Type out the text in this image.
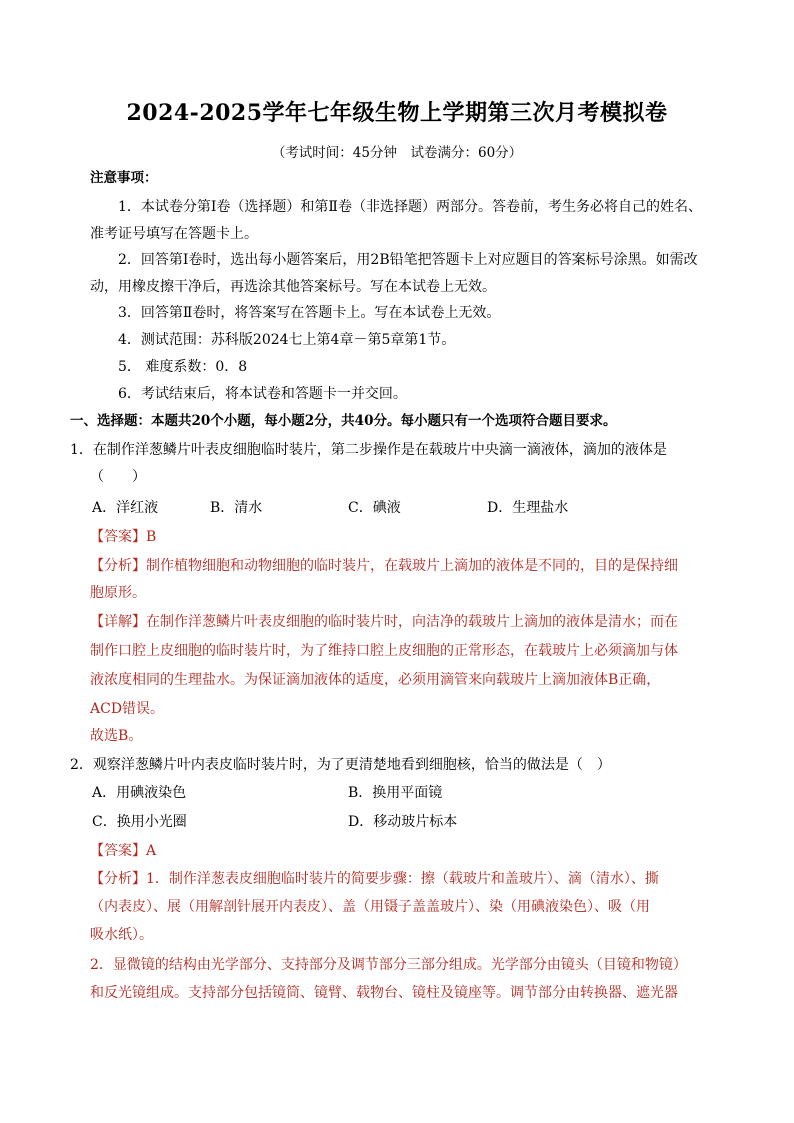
2024-2025学年七年级生物上学期第三次月考模拟卷
（考试时间：45分钟　试卷满分：60分）
注意事项：
1．本试卷分第Ⅰ卷（选择题）和第Ⅱ卷（非选择题）两部分。答卷前，考生务必将自己的姓名、
准考证号填写在答题卡上。
2．回答第Ⅰ卷时，选出每小题答案后，用2B铅笔把答题卡上对应题目的答案标号涂黑。如需改
动，用橡皮擦干净后，再选涂其他答案标号。写在本试卷上无效。
3．回答第Ⅱ卷时，将答案写在答题卡上。写在本试卷上无效。
4．测试范围：苏科版2024七上第4章－第5章第1节。
5． 难度系数：0．8
6．考试结束后，将本试卷和答题卡一并交回。
一、选择题：本题共20个小题，每小题2分，共40分。每小题只有一个选项符合题目要求。
1．在制作洋葱鳞片叶表皮细胞临时装片，第二步操作是在载玻片中央滴一滴液体，滴加的液体是
（　　）
A．洋红液	B．清水	C．碘液	D．生理盐水
【答案】B
【分析】制作植物细胞和动物细胞的临时装片，在载玻片上滴加的液体是不同的，目的是保持细
胞原形。
【详解】在制作洋葱鳞片叶表皮细胞的临时装片时，向洁净的载玻片上滴加的液体是清水；而在
制作口腔上皮细胞的临时装片时，为了维持口腔上皮细胞的正常形态，在载玻片上必须滴加与体
液浓度相同的生理盐水。为保证滴加液体的适度，必须用滴管来向载玻片上滴加液体B正确，
ACD错误。
故选B。
2．观察洋葱鳞片叶内表皮临时装片时，为了更清楚地看到细胞核，恰当的做法是（　）
A．用碘液染色	B．换用平面镜
C．换用小光圈	D．移动玻片标本
【答案】A
【分析】1．制作洋葱表皮细胞临时装片的简要步骤：擦（载玻片和盖玻片）、滴（清水）、撕
（内表皮）、展（用解剖针展开内表皮）、盖（用镊子盖盖玻片）、染（用碘液染色）、吸（用
吸水纸）。
2．显微镜的结构由光学部分、支持部分及调节部分三部分组成。光学部分由镜头（目镜和物镜）
和反光镜组成。支持部分包括镜筒、镜臂、载物台、镜柱及镜座等。调节部分由转换器、遮光器
